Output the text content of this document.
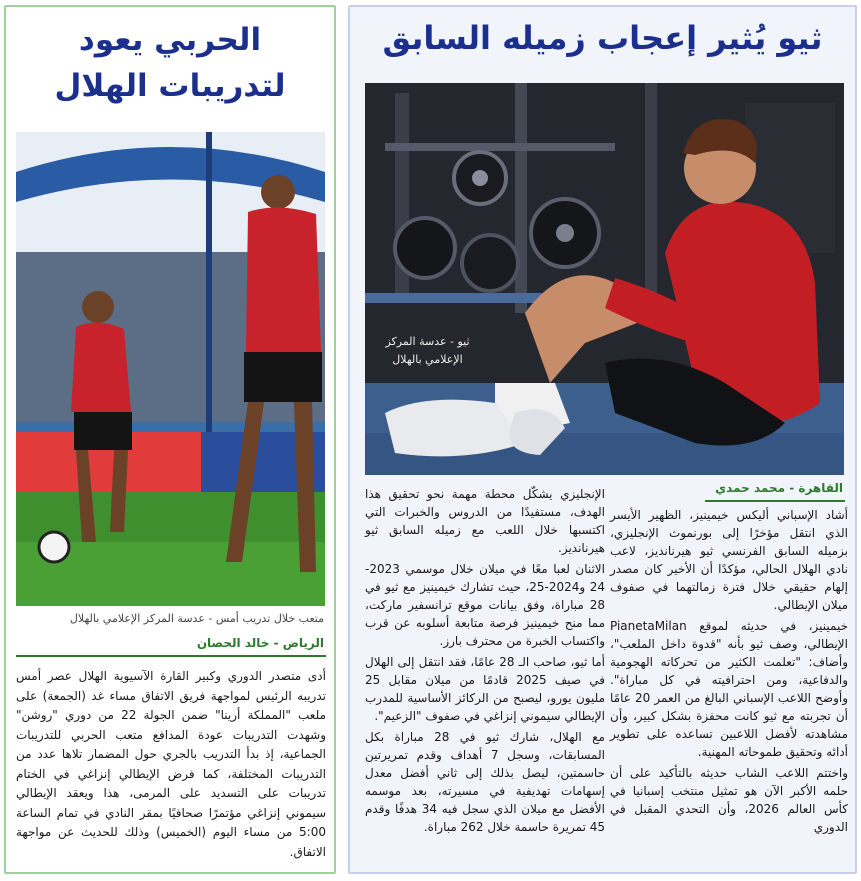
ثيو يُثير إعجاب زميله السابق
ثيو - عدسة المركز الإعلامي بالهلال
القاهرة - محمد حمدي

أشاد الإسباني أليكس خيمينيز، الظهير الأيسر الذي انتقل مؤخرًا إلى بورنموث الإنجليزي، بزميله السابق الفرنسي ثيو هيرنانديز، لاعب نادي الهلال الحالي، مؤكدًا أن الأخير كان مصدر إلهام حقيقي خلال فترة زمالتهما في صفوف ميلان الإيطالي.

خيمينيز، في حديثه لموقع PianetaMilan الإيطالي، وصف ثيو بأنه "قدوة داخل الملعب"، وأضاف: "تعلمت الكثير من تحركاته الهجومية والدفاعية، ومن احترافيته في كل مباراة". وأوضح اللاعب الإسباني البالغ من العمر 20 عامًا أن تجربته مع ثيو كانت محفزة بشكل كبير، وأن مشاهدته لأفضل اللاعبين تساعده على تطوير أدائه وتحقيق طموحاته المهنية.

واختتم اللاعب الشاب حديثه بالتأكيد على أن حلمه الأكبر الآن هو تمثيل منتخب إسبانيا في كأس العالم 2026، وأن التحدي المقبل في الدوري

الإنجليزي يشكّل محطة مهمة نحو تحقيق هذا الهدف، مستفيدًا من الدروس والخبرات التي اكتسبها خلال اللعب مع زميله السابق ثيو هيرنانديز.

الاثنان لعبا معًا في ميلان خلال موسمي 2023-24 و2024-25، حيث تشارك خيمينيز مع ثيو في 28 مباراة، وفق بيانات موقع ترانسفير ماركت، مما منح خيمينيز فرصة متابعة أسلوبه عن قرب واكتساب الخبرة من محترف بارز.

أما ثيو، صاحب الـ 28 عامًا، فقد انتقل إلى الهلال في صيف 2025 قادمًا من ميلان مقابل 25 مليون يورو، ليصبح من الركائز الأساسية للمدرب الإيطالي سيموني إنزاغي في صفوف "الزعيم".

مع الهلال، شارك ثيو في 28 مباراة بكل المسابقات، وسجل 7 أهداف وقدم تمريرتين حاسمتين، ليصل بذلك إلى ثاني أفضل معدل إسهامات تهديفية في مسيرته، بعد موسمه الأفضل مع ميلان الذي سجل فيه 34 هدفًا وقدم 45 تمريرة حاسمة خلال 262 مباراة.

الحربي يعود
لتدريبات الهلال
متعب خلال تدريب أمس - عدسة المركز الإعلامي بالهلال
الرياض - خالد الحصان
أدى متصدر الدوري وكبير القارة الآسيوية الهلال عصر أمس تدريبه الرئيس لمواجهة فريق الاتفاق مساء غد (الجمعة) على ملعب "المملكة أرينا" ضمن الجولة 22 من دوري "روشن" وشهدت التدريبات عودة المدافع متعب الحربي للتدريبات الجماعية، إذ بدأ التدريب بالجري حول المضمار تلاها عدد من التدريبات المختلفة، كما فرض الإيطالي إنزاغي في الختام تدريبات على التسديد على المرمى، هذا ويعقد الإيطالي سيموني إنزاغي مؤتمرًا صحافيًا بمقر النادي في تمام الساعة 5:00 من مساء اليوم (الخميس) وذلك للحديث عن مواجهة الاتفاق.
